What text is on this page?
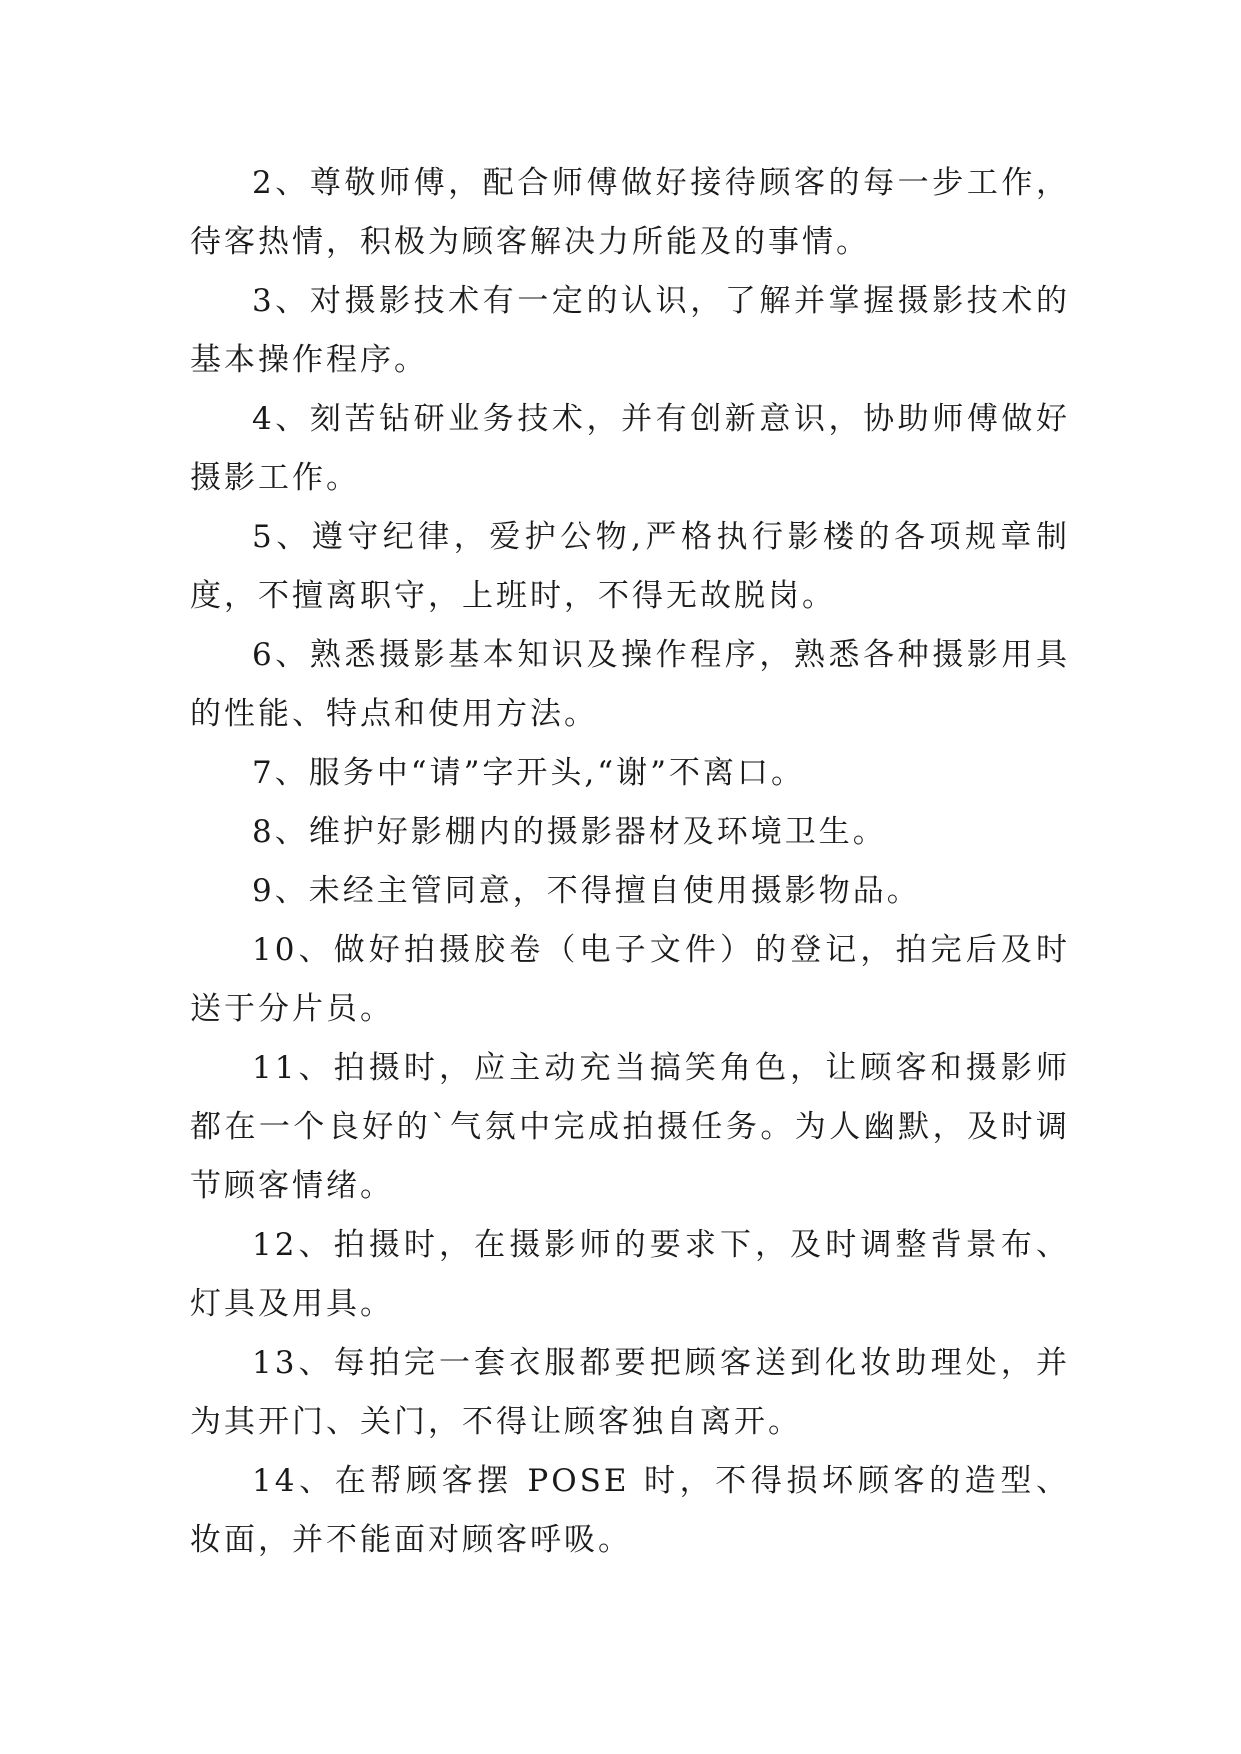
2、尊敬师傅，配合师傅做好接待顾客的每一步工作，待客热情，积极为顾客解决力所能及的事情。

3、对摄影技术有一定的认识，了解并掌握摄影技术的基本操作程序。

4、刻苦钻研业务技术，并有创新意识，协助师傅做好摄影工作。

5、遵守纪律，爱护公物,严格执行影楼的各项规章制度，不擅离职守，上班时，不得无故脱岗。

6、熟悉摄影基本知识及操作程序，熟悉各种摄影用具的性能、特点和使用方法。

7、服务中“请”字开头,“谢”不离口。

8、维护好影棚内的摄影器材及环境卫生。

9、未经主管同意，不得擅自使用摄影物品。

10、做好拍摄胶卷（电子文件）的登记，拍完后及时送于分片员。

11、拍摄时，应主动充当搞笑角色，让顾客和摄影师都在一个良好的`气氛中完成拍摄任务。为人幽默，及时调节顾客情绪。

12、拍摄时，在摄影师的要求下，及时调整背景布、灯具及用具。

13、每拍完一套衣服都要把顾客送到化妆助理处，并为其开门、关门，不得让顾客独自离开。

14、在帮顾客摆 POSE 时，不得损坏顾客的造型、妆面，并不能面对顾客呼吸。
